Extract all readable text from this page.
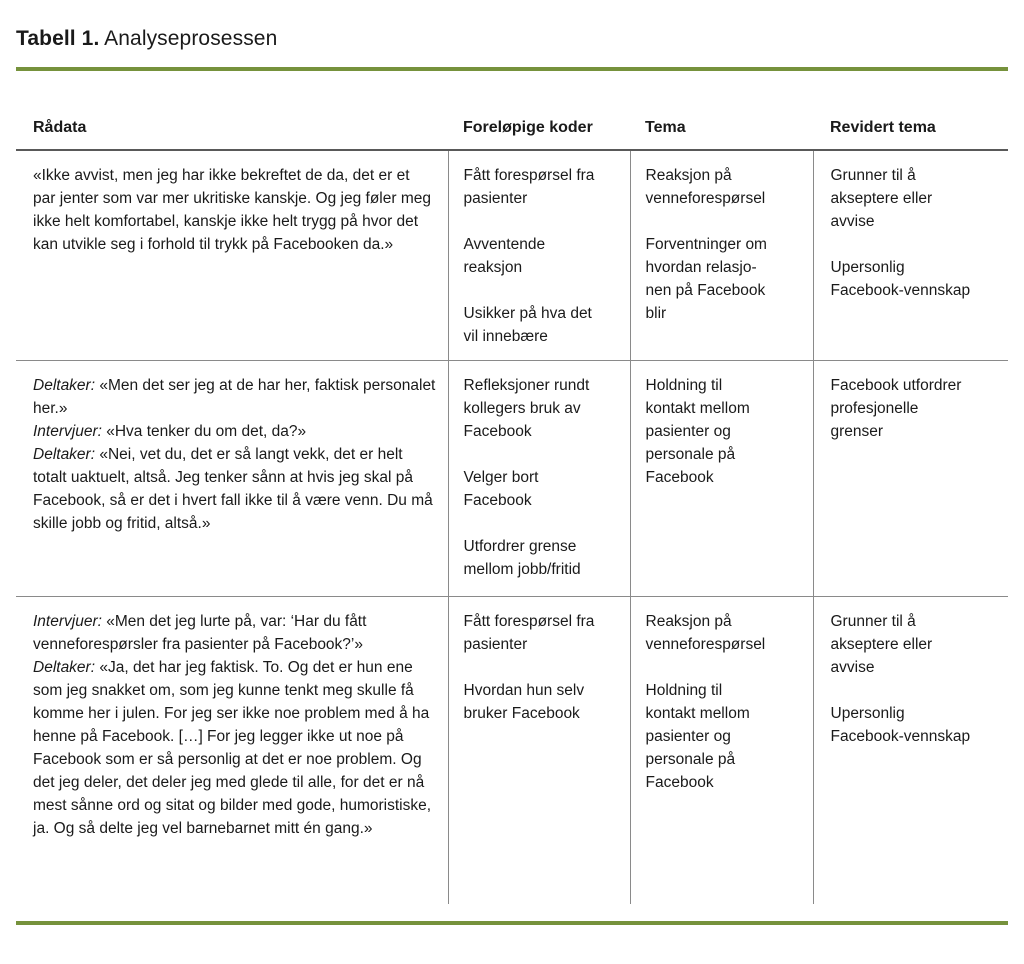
Tabell 1. Analyseprosessen
Rådata	Foreløpige koder	Tema	Revidert tema
«Ikke avvist, men jeg har ikke bekreftet de da, det er et par jenter som var mer ukritiske kanskje. Og jeg føler meg ikke helt komfortabel, kanskje ikke helt trygg på hvor det kan utvikle seg i forhold til trykk på Facebooken da.»	Fått forespørsel fra
pasienter

Avventende
reaksjon

Usikker på hva det
vil innebære	Reaksjon på
venneforespørsel

Forventninger om
hvordan relasjo-
nen på Facebook
blir	Grunner til å
akseptere eller
avvise

Upersonlig
Facebook-vennskap
Deltaker: «Men det ser jeg at de har her, faktisk personalet her.»
Intervjuer: «Hva tenker du om det, da?»
Deltaker: «Nei, vet du, det er så langt vekk, det er helt totalt uaktuelt, altså. Jeg tenker sånn at hvis jeg skal på Facebook, så er det i hvert fall ikke til å være venn. Du må skille jobb og fritid, altså.»	Refleksjoner rundt
kollegers bruk av
Facebook

Velger bort
Facebook

Utfordrer grense
mellom jobb/fritid	Holdning til
kontakt mellom
pasienter og
personale på
Facebook	Facebook utfordrer
profesjonelle
grenser
Intervjuer: «Men det jeg lurte på, var: ‘Har du fått venneforespørsler fra pasienter på Facebook?’»
Deltaker: «Ja, det har jeg faktisk. To. Og det er hun ene som jeg snakket om, som jeg kunne tenkt meg skulle få komme her i julen. For jeg ser ikke noe problem med å ha henne på Facebook. […] For jeg legger ikke ut noe på Facebook som er så personlig at det er noe problem. Og det jeg deler, det deler jeg med glede til alle, for det er nå mest sånne ord og sitat og bilder med gode, humoristiske, ja. Og så delte jeg vel barnebarnet mitt én gang.»	Fått forespørsel fra
pasienter

Hvordan hun selv
bruker Facebook	Reaksjon på
venneforespørsel

Holdning til
kontakt mellom
pasienter og
personale på
Facebook	Grunner til å
akseptere eller
avvise

Upersonlig
Facebook-vennskap
